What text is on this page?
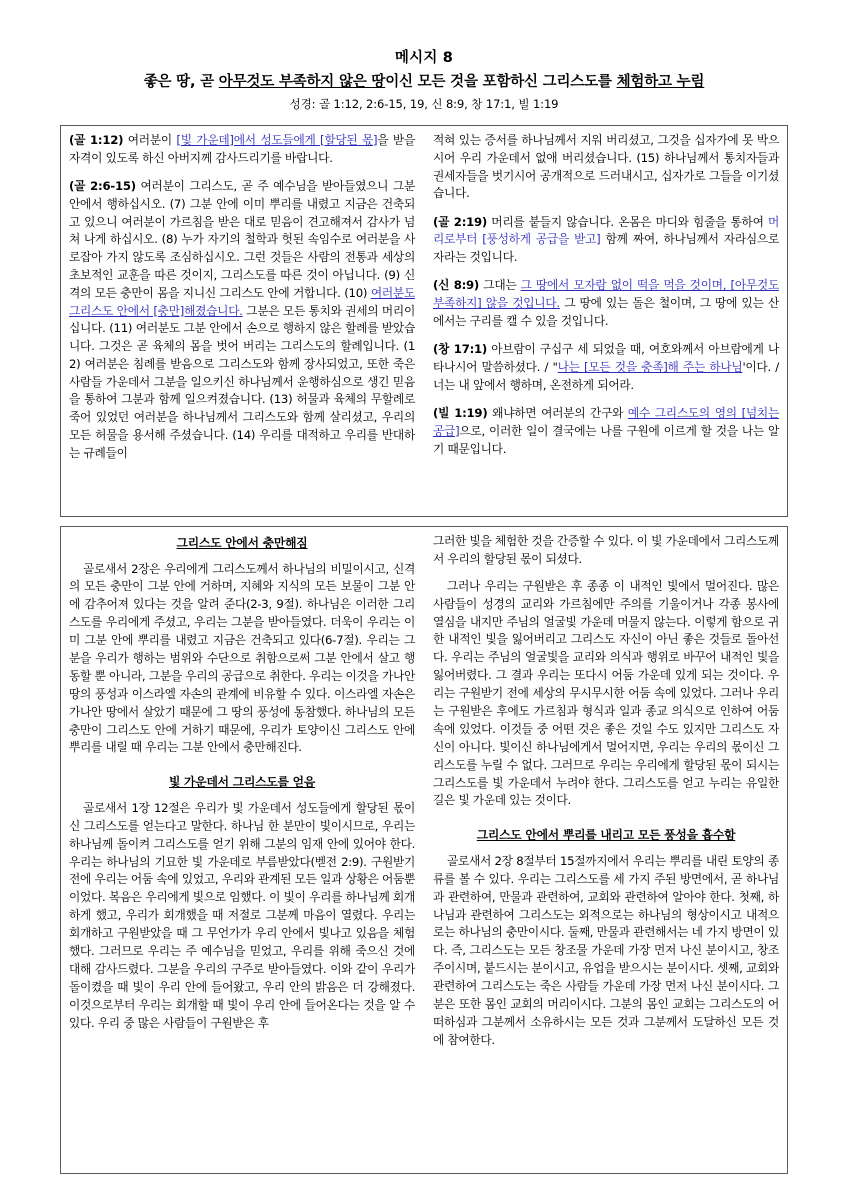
메시지 8
좋은 땅, 곧 아무것도 부족하지 않은 땅이신 모든 것을 포함하신 그리스도를 체험하고 누림
성경: 골 1:12, 2:6-15, 19, 신 8:9, 창 17:1, 빌 1:19
(골 1:12) 여러분이 [빛 가운데]에서 성도들에게 [할당된 몫]을 받을 자격이 있도록 하신 아버지께 감사드리기를 바랍니다.
(골 2:6-15) 여러분이 그리스도, 곧 주 예수님을 받아들였으니 그분 안에서 행하십시오. (7) 그분 안에 이미 뿌리를 내렸고 지금은 건축되고 있으니 여러분이 가르침을 받은 대로 믿음이 견고해져서 감사가 넘쳐 나게 하십시오. (8) 누가 자기의 철학과 헛된 속임수로 여러분을 사로잡아 가지 않도록 조심하십시오. 그런 것들은 사람의 전통과 세상의 초보적인 교훈을 따른 것이지, 그리스도를 따른 것이 아닙니다. (9) 신격의 모든 충만이 몸을 지니신 그리스도 안에 거합니다. (10) 여러분도 그리스도 안에서 [충만]해졌습니다. 그분은 모든 통치와 권세의 머리이십니다. (11) 여러분도 그분 안에서 손으로 행하지 않은 할례를 받았습니다. 그것은 곧 육체의 몸을 벗어 버리는 그리스도의 할례입니다. (12) 여러분은 침례를 받음으로 그리스도와 함께 장사되었고, 또한 죽은 사람들 가운데서 그분을 일으키신 하나님께서 운행하심으로 생긴 믿음을 통하여 그분과 함께 일으켜졌습니다. (13) 허물과 육체의 무할례로 죽어 있었던 여러분을 하나님께서 그리스도와 함께 살리셨고, 우리의 모든 허물을 용서해 주셨습니다. (14) 우리를 대적하고 우리를 반대하는 규례들이
적혀 있는 증서를 하나님께서 지워 버리셨고, 그것을 십자가에 못 박으시어 우리 가운데서 없애 버리셨습니다. (15) 하나님께서 통치자들과 권세자들을 벗기시어 공개적으로 드러내시고, 십자가로 그들을 이기셨습니다.
(골 2:19) 머리를 붙들지 않습니다. 온몸은 마디와 힘줄을 통하여 머리로부터 [풍성하게 공급을 받고] 함께 짜여, 하나님께서 자라심으로 자라는 것입니다.
(신 8:9) 그대는 그 땅에서 모자람 없이 떡을 먹을 것이며, [아무것도 부족하지] 않을 것입니다. 그 땅에 있는 돌은 철이며, 그 땅에 있는 산에서는 구리를 캘 수 있을 것입니다.
(창 17:1) 아브람이 구십구 세 되었을 때, 여호와께서 아브람에게 나타나시어 말씀하셨다. / "나는 [모든 것을 충족]해 주는 하나님'이다. / 너는 내 앞에서 행하며, 온전하게 되어라.
(빌 1:19) 왜냐하면 여러분의 간구와 예수 그리스도의 영의 [넘치는 공급]으로, 이러한 일이 결국에는 나를 구원에 이르게 할 것을 나는 알기 때문입니다.
그리스도 안에서 충만해짐

골로새서 2장은 우리에게 그리스도께서 하나님의 비밀이시고, 신격의 모든 충만이 그분 안에 거하며, 지혜와 지식의 모든 보물이 그분 안에 감추어져 있다는 것을 알려 준다(2-3, 9절). 하나님은 이러한 그리스도를 우리에게 주셨고, 우리는 그분을 받아들였다. 더욱이 우리는 이미 그분 안에 뿌리를 내렸고 지금은 건축되고 있다(6-7절). 우리는 그분을 우리가 행하는 범위와 수단으로 취함으로써 그분 안에서 살고 행동할 뿐 아니라, 그분을 우리의 공급으로 취한다. 우리는 이것을 가나안 땅의 풍성과 이스라엘 자손의 관계에 비유할 수 있다. 이스라엘 자손은 가나안 땅에서 살았기 때문에 그 땅의 풍성에 동참했다. 하나님의 모든 충만이 그리스도 안에 거하기 때문에, 우리가 토양이신 그리스도 안에 뿌리를 내릴 때 우리는 그분 안에서 충만해진다.

빛 가운데서 그리스도를 얻음

골로새서 1장 12절은 우리가 빛 가운데서 성도들에게 할당된 몫이신 그리스도를 얻는다고 말한다. 하나님 한 분만이 빛이시므로, 우리는 하나님께 돌이켜 그리스도를 얻기 위해 그분의 임재 안에 있어야 한다. 우리는 하나님의 기묘한 빛 가운데로 부름받았다(벧전 2:9). 구원받기 전에 우리는 어둠 속에 있었고, 우리와 관계된 모든 일과 상황은 어둠뿐이었다. 복음은 우리에게 빛으로 임했다. 이 빛이 우리를 하나님께 회개하게 했고, 우리가 회개했을 때 저절로 그분께 마음이 열렸다. 우리는 회개하고 구원받았을 때 그 무언가가 우리 안에서 빛나고 있음을 체험했다. 그러므로 우리는 주 예수님을 믿었고, 우리를 위해 죽으신 것에 대해 감사드렸다. 그분을 우리의 구주로 받아들였다. 이와 같이 우리가 돌이켰을 때 빛이 우리 안에 들어왔고, 우리 안의 밝음은 더 강해졌다. 이것으로부터 우리는 회개할 때 빛이 우리 안에 들어온다는 것을 알 수 있다. 우리 중 많은 사람들이 구원받은 후

그러한 빛을 체험한 것을 간증할 수 있다. 이 빛 가운데에서 그리스도께서 우리의 할당된 몫이 되셨다.

그러나 우리는 구원받은 후 종종 이 내적인 빛에서 멀어진다. 많은 사람들이 성경의 교리와 가르침에만 주의를 기울이거나 각종 봉사에 열심을 내지만 주님의 얼굴빛 가운데 머물지 않는다. 이렇게 함으로 귀한 내적인 빛을 잃어버리고 그리스도 자신이 아닌 좋은 것들로 돌아선다. 우리는 주님의 얼굴빛을 교리와 의식과 행위로 바꾸어 내적인 빛을 잃어버렸다. 그 결과 우리는 또다시 어둠 가운데 있게 되는 것이다. 우리는 구원받기 전에 세상의 무시무시한 어둠 속에 있었다. 그러나 우리는 구원받은 후에도 가르침과 형식과 일과 종교 의식으로 인하여 어둠 속에 있었다. 이것들 중 어떤 것은 좋은 것일 수도 있지만 그리스도 자신이 아니다. 빛이신 하나님에게서 멀어지면, 우리는 우리의 몫이신 그리스도를 누릴 수 없다. 그러므로 우리는 우리에게 할당된 몫이 되시는 그리스도를 빛 가운데서 누려야 한다. 그리스도를 얻고 누리는 유일한 길은 빛 가운데 있는 것이다.

그리스도 안에서 뿌리를 내리고 모든 풍성을 흡수함

골로새서 2장 8절부터 15절까지에서 우리는 뿌리를 내린 토양의 종류를 볼 수 있다. 우리는 그리스도를 세 가지 주된 방면에서, 곧 하나님과 관련하여, 만물과 관련하여, 교회와 관련하여 알아야 한다. 첫째, 하나님과 관련하여 그리스도는 외적으로는 하나님의 형상이시고 내적으로는 하나님의 충만이시다. 둘째, 만물과 관련해서는 네 가지 방면이 있다. 즉, 그리스도는 모든 창조물 가운데 가장 먼저 나신 분이시고, 창조주이시며, 붙드시는 분이시고, 유업을 받으시는 분이시다. 셋째, 교회와 관련하여 그리스도는 죽은 사람들 가운데 가장 먼저 나신 분이시다. 그분은 또한 몸인 교회의 머리이시다. 그분의 몸인 교회는 그리스도의 어떠하심과 그분께서 소유하시는 모든 것과 그분께서 도달하신 모든 것에 참여한다.
